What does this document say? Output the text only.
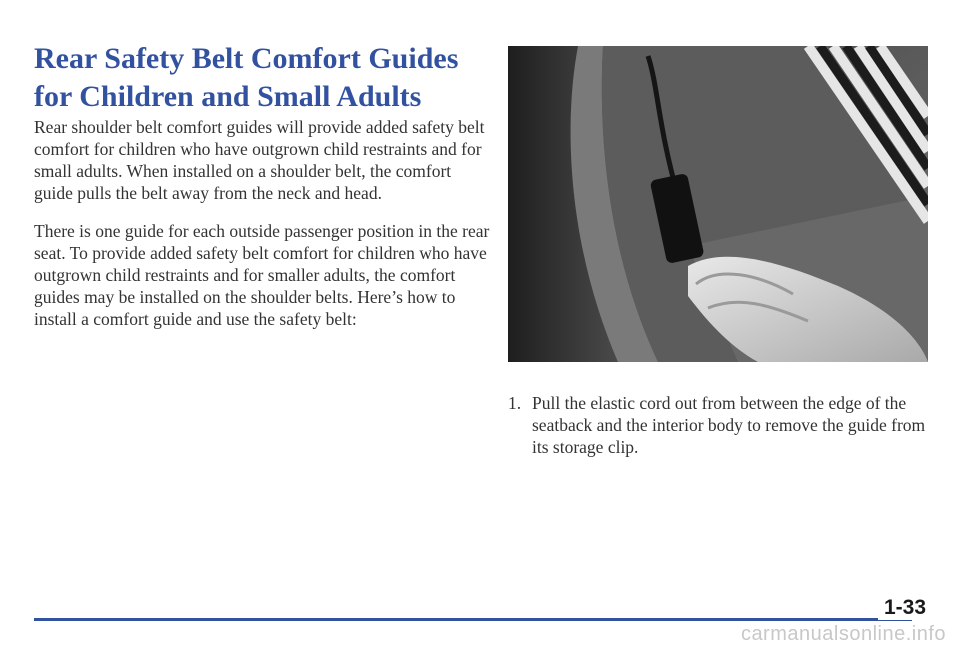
Rear Safety Belt Comfort Guides for Children and Small Adults

Rear shoulder belt comfort guides will provide added safety belt comfort for children who have outgrown child restraints and for small adults. When installed on a shoulder belt, the comfort guide pulls the belt away from the neck and head.

There is one guide for each outside passenger position in the rear seat. To provide added safety belt comfort for children who have outgrown child restraints and for smaller adults, the comfort guides may be installed on the shoulder belts. Here’s how to install a comfort guide and use the safety belt:

1. Pull the elastic cord out from between the edge of the seatback and the interior body to remove the guide from its storage clip.

1-33

carmanualsonline.info
